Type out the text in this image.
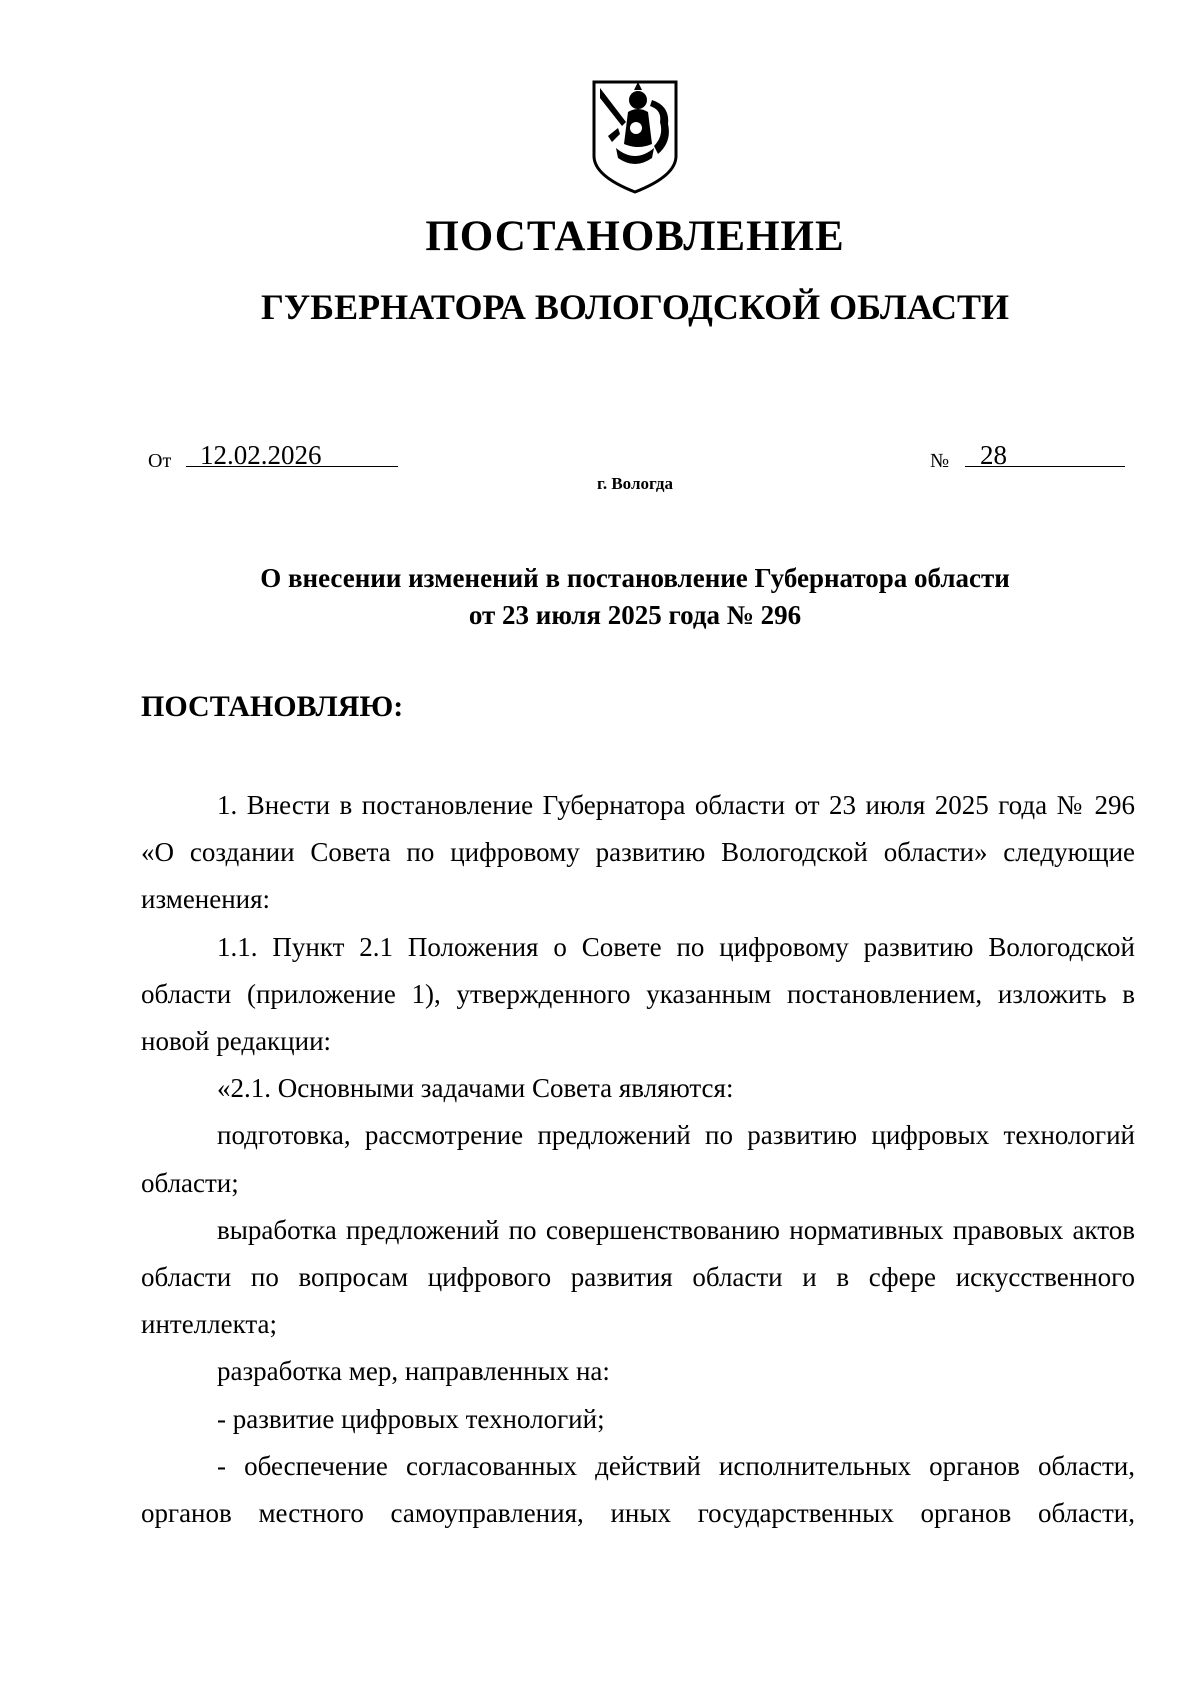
ПОСТАНОВЛЕНИЕ
ГУБЕРНАТОРА ВОЛОГОДСКОЙ ОБЛАСТИ
От 12.02.2026	№ 28
г. Вологда
О внесении изменений в постановление Губернатора области
от 23 июля 2025 года № 296
ПОСТАНОВЛЯЮ:

1. Внести в постановление Губернатора области от 23 июля 2025 года № 296 «О создании Совета по цифровому развитию Вологодской области» следующие изменения:

1.1. Пункт 2.1 Положения о Совете по цифровому развитию Вологодской области (приложение 1), утвержденного указанным постановлением, изложить в новой редакции:

«2.1. Основными задачами Совета являются:

подготовка, рассмотрение предложений по развитию цифровых технологий области;

выработка предложений по совершенствованию нормативных правовых актов области по вопросам цифрового развития области и в сфере искусственного интеллекта;

разработка мер, направленных на:

- развитие цифровых технологий;

- обеспечение согласованных действий исполнительных органов области, органов местного самоуправления, иных государственных органов области,
